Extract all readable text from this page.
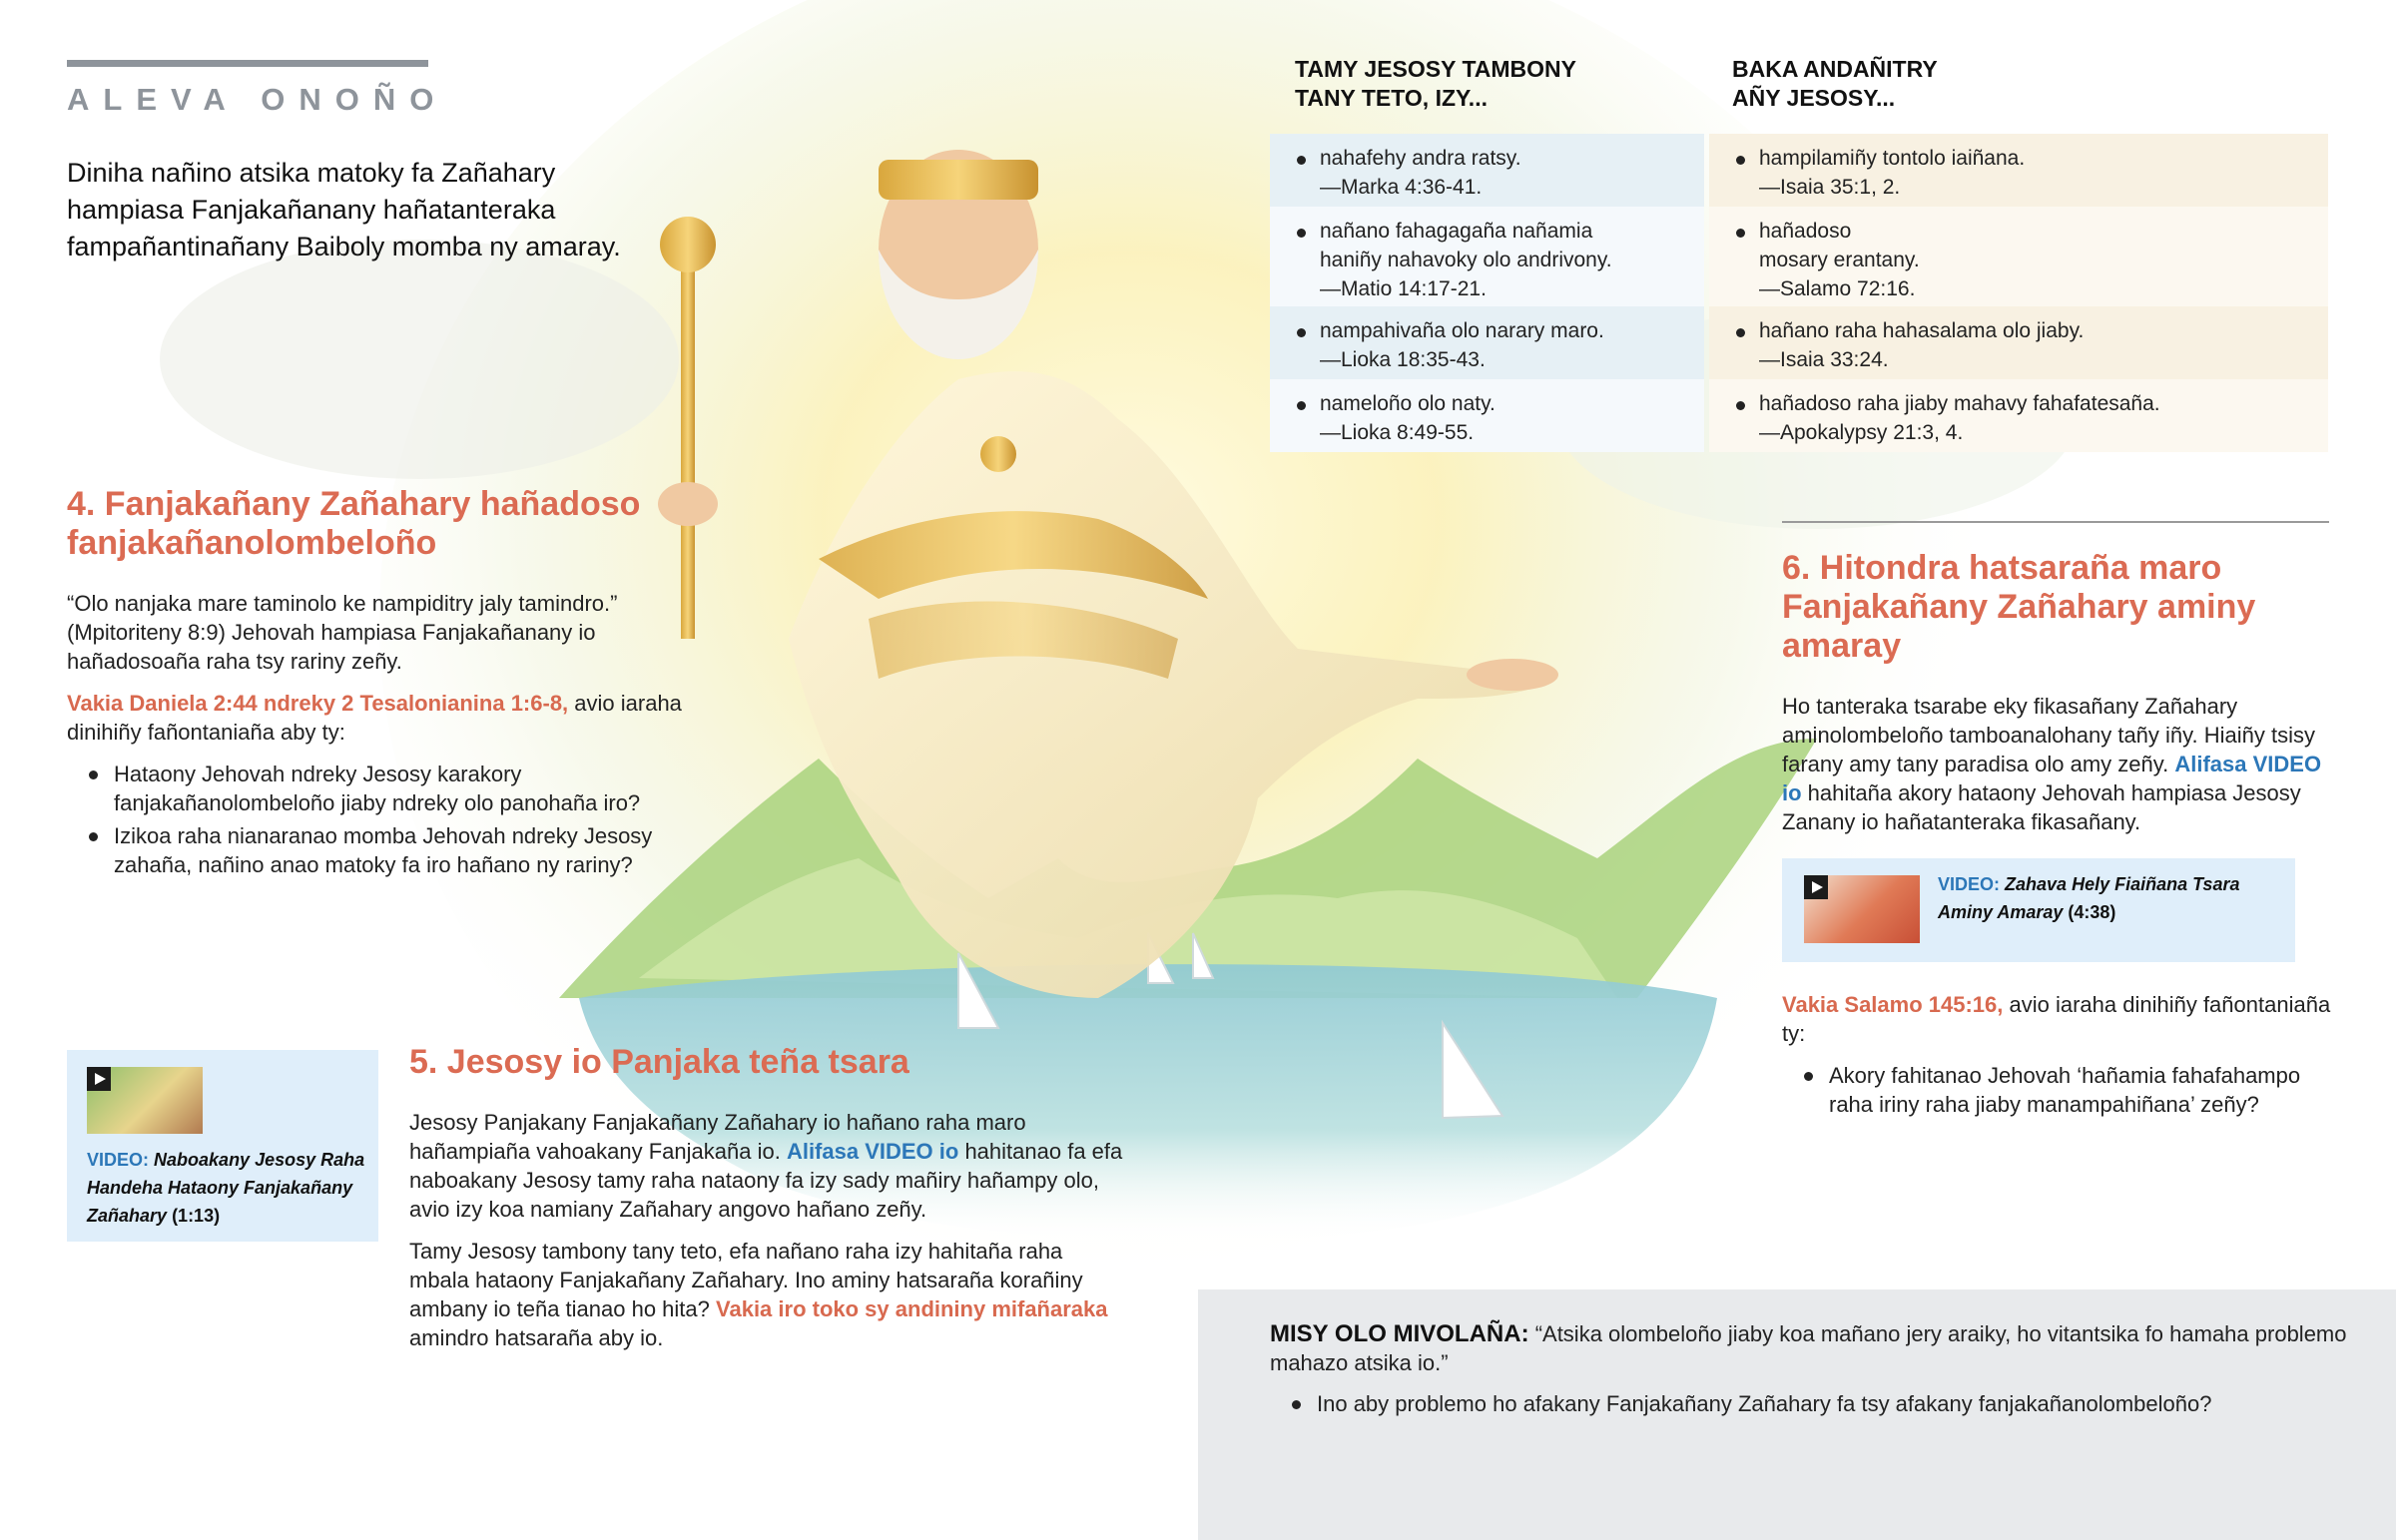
ALEVA ONOÑO
Diniha nañino atsika matoky fa Zañahary hampiasa Fanjakañanany hañatanteraka fampañantinañany Baiboly momba ny amaray.
4. Fanjakañany Zañahary hañadoso fanjakañanolombeloño

“Olo nanjaka mare taminolo ke nampiditry jaly tamindro.” (Mpitoriteny 8:9) Jehovah hampiasa Fanjakañanany io hañadosoaña raha tsy rariny zeñy.

Vakia Daniela 2:44 ndreky 2 Tesalonianina 1:6-8, avio iaraha dinihiñy fañontaniaña aby ty:

Hataony Jehovah ndreky Jesosy karakory fanjakañanolombeloño jiaby ndreky olo panohaña iro?
Izikoa raha nianaranao momba Jehovah ndreky Jesosy zahaña, nañino anao matoky fa iro hañano ny rariny?
VIDEO: Naboakany Jesosy Raha Handeha Hataony Fanjakañany Zañahary (1:13)
5. Jesosy io Panjaka teña tsara

Jesosy Panjakany Fanjakañany Zañahary io hañano raha maro hañampiaña vahoakany Fanjakaña io. Alifasa VIDEO io hahitanao fa efa naboakany Jesosy tamy raha nataony fa izy sady mañiry hañampy olo, avio izy koa namiany Zañahary angovo hañano zeñy.

Tamy Jesosy tambony tany teto, efa nañano raha izy hahitaña raha mbala hataony Fanjakañany Zañahary. Ino aminy hatsaraña korañiny ambany io teña tianao ho hita? Vakia iro toko sy andininy mifañaraka amindro hatsaraña aby io.

TAMY JESOSY TAMBONY
TANY TETO, IZY...
BAKA ANDAÑITRY
AÑY JESOSY...
nahafehy andra ratsy.
—Marka 4:36-41.
hampilamiñy tontolo iaiñana.
—Isaia 35:1, 2.
nañano fahagagaña nañamia
haniñy nahavoky olo andrivony.
—Matio 14:17-21.
hañadoso
mosary erantany.
—Salamo 72:16.
nampahivaña olo narary maro.
—Lioka 18:35-43.
hañano raha hahasalama olo jiaby.
—Isaia 33:24.
nameloño olo naty.
—Lioka 8:49-55.
hañadoso raha jiaby mahavy fahafatesaña.
—Apokalypsy 21:3, 4.
6. Hitondra hatsaraña maro Fanjakañany Zañahary aminy amaray

Ho tanteraka tsarabe eky fikasañany Zañahary aminolombeloño tamboanalohany tañy iñy. Hiaiñy tsisy farany amy tany paradisa olo amy zeñy. Alifasa VIDEO io hahitaña akory hataony Jehovah hampiasa Jesosy Zanany io hañatanteraka fikasañany.

VIDEO: Zahava Hely Fiaiñana Tsara Aminy Amaray (4:38)

Vakia Salamo 145:16, avio iaraha dinihiñy fañontaniaña ty:

Akory fahitanao Jehovah ‘hañamia fahafahampo raha iriny raha jiaby manampahiñana’ zeñy?
MISY OLO MIVOLAÑA: “Atsika olombeloño jiaby koa mañano jery araiky, ho vitantsika fo hamaha problemo mahazo atsika io.”
Ino aby problemo ho afakany Fanjakañany Zañahary fa tsy afakany fanjakañanolombeloño?
